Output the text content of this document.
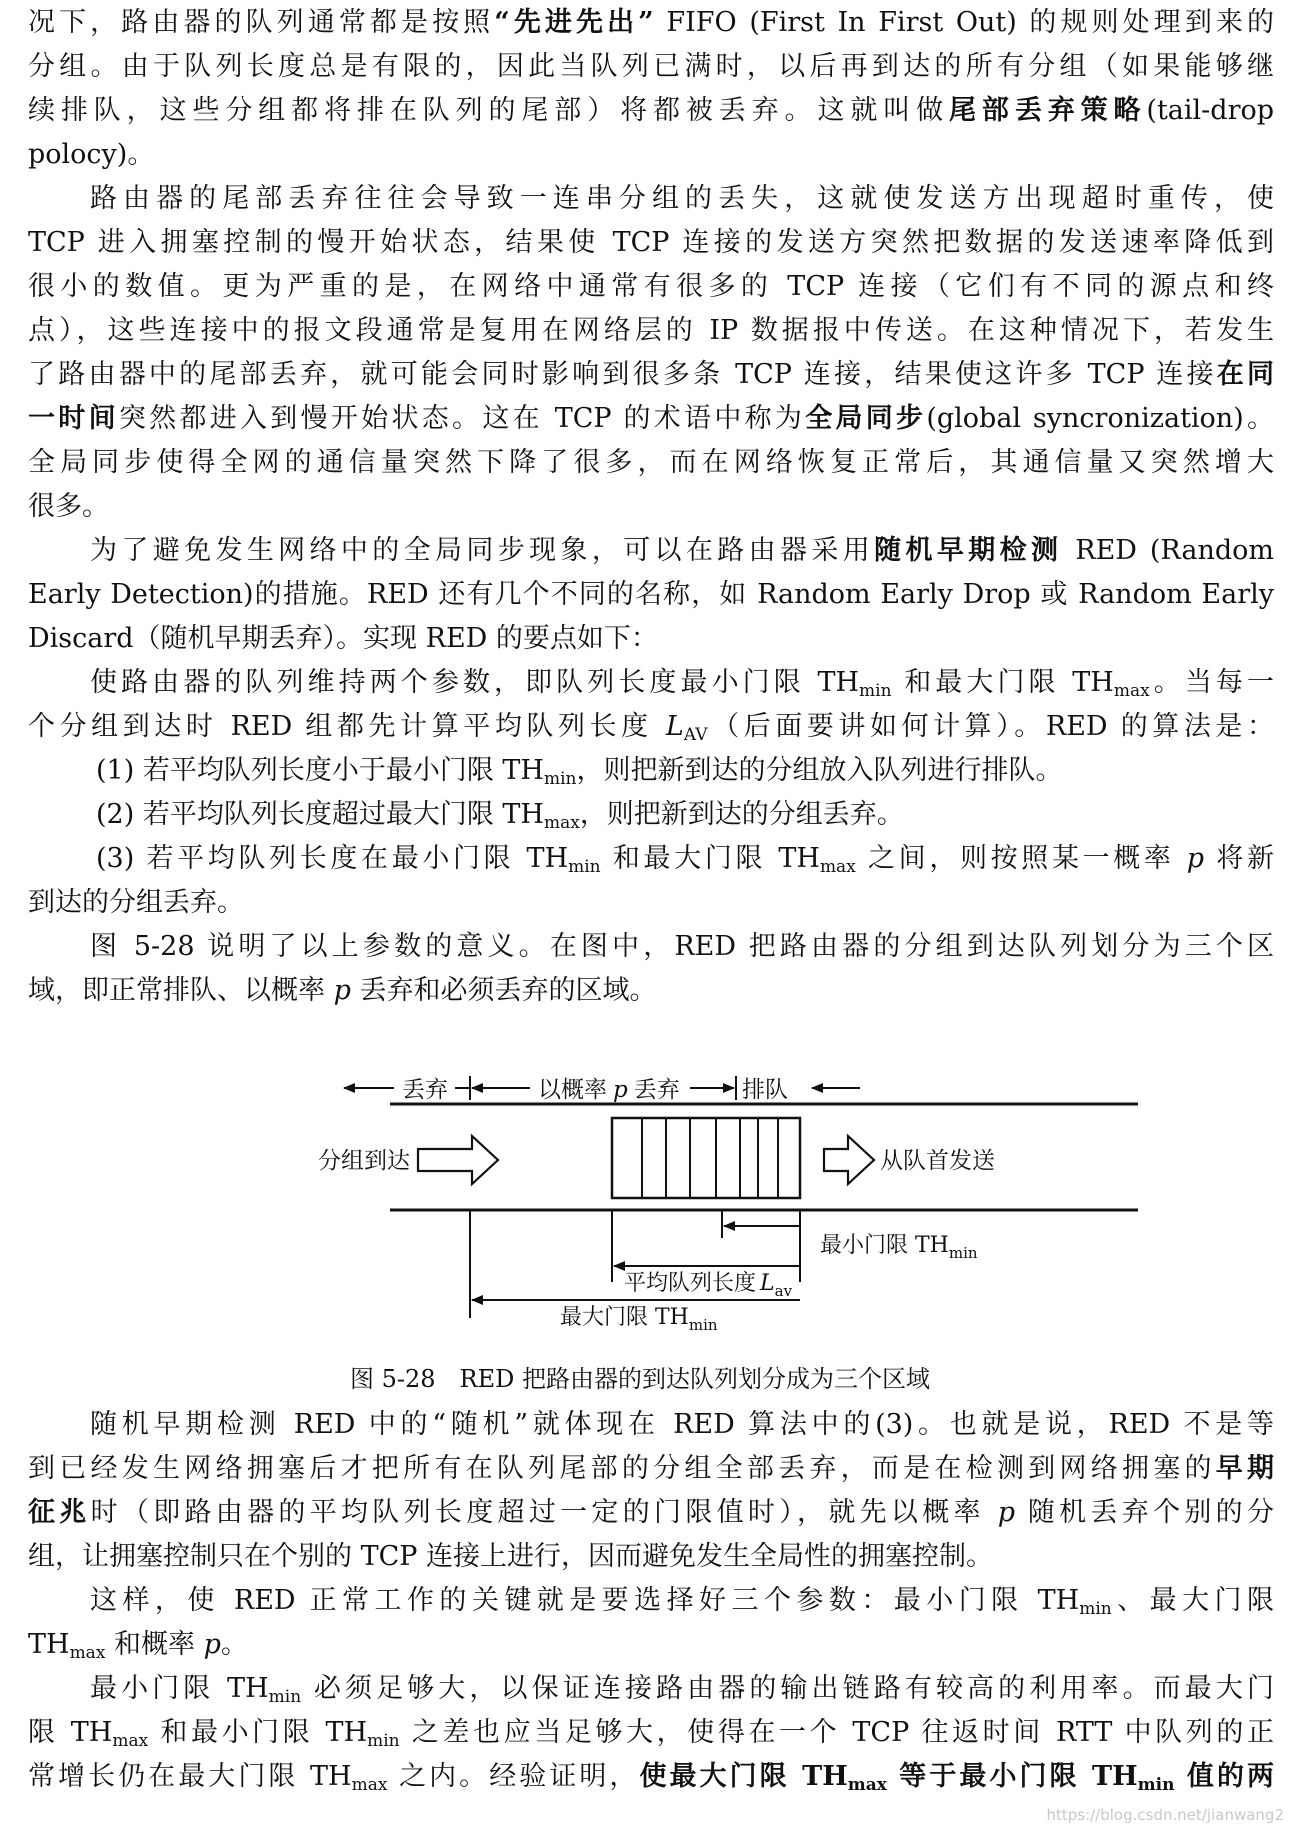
况下，路由器的队列通常都是按照“先进先出” FIFO (First In First Out) 的规则处理到来的
分组。由于队列长度总是有限的，因此当队列已满时，以后再到达的所有分组（如果能够继
续排队，这些分组都将排在队列的尾部）将都被丢弃。这就叫做尾部丢弃策略(tail-drop
polocy)。
路由器的尾部丢弃往往会导致一连串分组的丢失，这就使发送方出现超时重传，使
TCP 进入拥塞控制的慢开始状态，结果使 TCP 连接的发送方突然把数据的发送速率降低到
很小的数值。更为严重的是，在网络中通常有很多的 TCP 连接（它们有不同的源点和终
点），这些连接中的报文段通常是复用在网络层的 IP 数据报中传送。在这种情况下，若发生
了路由器中的尾部丢弃，就可能会同时影响到很多条 TCP 连接，结果使这许多 TCP 连接在同
一时间突然都进入到慢开始状态。这在 TCP 的术语中称为全局同步(global syncronization)。
全局同步使得全网的通信量突然下降了很多，而在网络恢复正常后，其通信量又突然增大
很多。
为了避免发生网络中的全局同步现象，可以在路由器采用随机早期检测 RED (Random
Early Detection)的措施。RED 还有几个不同的名称，如 Random Early Drop 或 Random Early
Discard（随机早期丢弃）。实现 RED 的要点如下：
使路由器的队列维持两个参数，即队列长度最小门限 $TH_{min}$ 和最大门限 $TH_{max}$。当每一
个分组到达时 RED 组都先计算平均队列长度 $L_{AV}$（后面要讲如何计算）。RED 的算法是：
(1) 若平均队列长度小于最小门限 $TH_{min}$，则把新到达的分组放入队列进行排队。
(2) 若平均队列长度超过最大门限 $TH_{max}$，则把新到达的分组丢弃。
(3) 若平均队列长度在最小门限 $TH_{min}$ 和最大门限 $TH_{max}$ 之间，则按照某一概率 p 将新
到达的分组丢弃。
图 5-28 说明了以上参数的意义。在图中，RED 把路由器的分组到达队列划分为三个区
域，即正常排队、以概率 p 丢弃和必须丢弃的区域。
随机早期检测 RED 中的“随机”就体现在 RED 算法中的(3)。也就是说，RED 不是等
到已经发生网络拥塞后才把所有在队列尾部的分组全部丢弃，而是在检测到网络拥塞的早期
征兆时（即路由器的平均队列长度超过一定的门限值时），就先以概率 p 随机丢弃个别的分
组，让拥塞控制只在个别的 TCP 连接上进行，因而避免发生全局性的拥塞控制。
这样，使 RED 正常工作的关键就是要选择好三个参数：最小门限 $TH_{min}$、最大门限
$TH_{max}$ 和概率 p。
最小门限 $TH_{min}$ 必须足够大，以保证连接路由器的输出链路有较高的利用率。而最大门
限 $TH_{max}$ 和最小门限 $TH_{min}$ 之差也应当足够大，使得在一个 TCP 往返时间 RTT 中队列的正
常增长仍在最大门限 $TH_{max}$ 之内。经验证明，使最大门限 $TH_{max}$ 等于最小门限 $TH_{min}$ 值的两
丢弃	以概率 p 丢弃	排队
分组到达	从队首发送
最小门限 $TH_{min}$
平均队列长度 $L_{av}$
最大门限 $TH_{min}$
图 5-28　RED 把路由器的到达队列划分成为三个区域
https://blog.csdn.net/jianwang2
